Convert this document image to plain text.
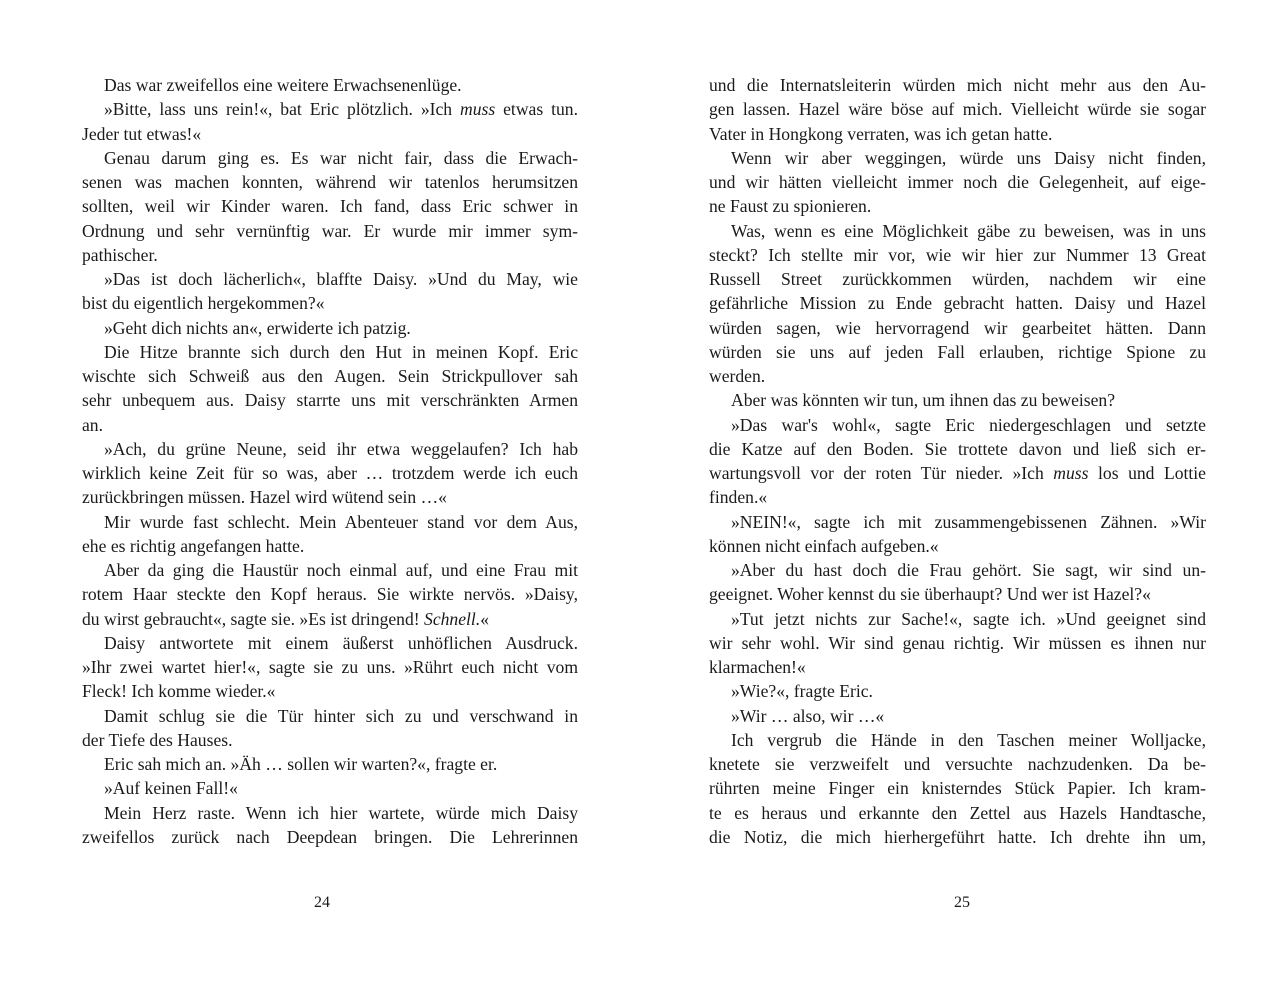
Das war zweifellos eine weitere Erwachsenenlüge.
»Bitte, lass uns rein!«, bat Eric plötzlich. »Ich muss etwas tun.
Jeder tut etwas!«
Genau darum ging es. Es war nicht fair, dass die Erwach-
senen was machen konnten, während wir tatenlos herumsitzen
sollten, weil wir Kinder waren. Ich fand, dass Eric schwer in
Ordnung und sehr vernünftig war. Er wurde mir immer sym-
pathischer.
»Das ist doch lächerlich«, blaffte Daisy. »Und du May, wie
bist du eigentlich hergekommen?«
»Geht dich nichts an«, erwiderte ich patzig.
Die Hitze brannte sich durch den Hut in meinen Kopf. Eric
wischte sich Schweiß aus den Augen. Sein Strickpullover sah
sehr unbequem aus. Daisy starrte uns mit verschränkten Armen
an.
»Ach, du grüne Neune, seid ihr etwa weggelaufen? Ich hab
wirklich keine Zeit für so was, aber … trotzdem werde ich euch
zurückbringen müssen. Hazel wird wütend sein …«
Mir wurde fast schlecht. Mein Abenteuer stand vor dem Aus,
ehe es richtig angefangen hatte.
Aber da ging die Haustür noch einmal auf, und eine Frau mit
rotem Haar steckte den Kopf heraus. Sie wirkte nervös. »Daisy,
du wirst gebraucht«, sagte sie. »Es ist dringend! Schnell.«
Daisy antwortete mit einem äußerst unhöflichen Ausdruck.
»Ihr zwei wartet hier!«, sagte sie zu uns. »Rührt euch nicht vom
Fleck! Ich komme wieder.«
Damit schlug sie die Tür hinter sich zu und verschwand in
der Tiefe des Hauses.
Eric sah mich an. »Äh … sollen wir warten?«, fragte er.
»Auf keinen Fall!«
Mein Herz raste. Wenn ich hier wartete, würde mich Daisy
zweifellos zurück nach Deepdean bringen. Die Lehrerinnen
und die Internatsleiterin würden mich nicht mehr aus den Au-
gen lassen. Hazel wäre böse auf mich. Vielleicht würde sie sogar
Vater in Hongkong verraten, was ich getan hatte.
Wenn wir aber weggingen, würde uns Daisy nicht finden,
und wir hätten vielleicht immer noch die Gelegenheit, auf eige-
ne Faust zu spionieren.
Was, wenn es eine Möglichkeit gäbe zu beweisen, was in uns
steckt? Ich stellte mir vor, wie wir hier zur Nummer 13 Great
Russell Street zurückkommen würden, nachdem wir eine
gefährliche Mission zu Ende gebracht hatten. Daisy und Hazel
würden sagen, wie hervorragend wir gearbeitet hätten. Dann
würden sie uns auf jeden Fall erlauben, richtige Spione zu
werden.
Aber was könnten wir tun, um ihnen das zu beweisen?
»Das war's wohl«, sagte Eric niedergeschlagen und setzte
die Katze auf den Boden. Sie trottete davon und ließ sich er-
wartungsvoll vor der roten Tür nieder. »Ich muss los und Lottie
finden.«
»NEIN!«, sagte ich mit zusammengebissenen Zähnen. »Wir
können nicht einfach aufgeben.«
»Aber du hast doch die Frau gehört. Sie sagt, wir sind un-
geeignet. Woher kennst du sie überhaupt? Und wer ist Hazel?«
»Tut jetzt nichts zur Sache!«, sagte ich. »Und geeignet sind
wir sehr wohl. Wir sind genau richtig. Wir müssen es ihnen nur
klarmachen!«
»Wie?«, fragte Eric.
»Wir … also, wir …«
Ich vergrub die Hände in den Taschen meiner Wolljacke,
knetete sie verzweifelt und versuchte nachzudenken. Da be-
rührten meine Finger ein knisterndes Stück Papier. Ich kram-
te es heraus und erkannte den Zettel aus Hazels Handtasche,
die Notiz, die mich hierhergeführt hatte. Ich drehte ihn um,
24	25
